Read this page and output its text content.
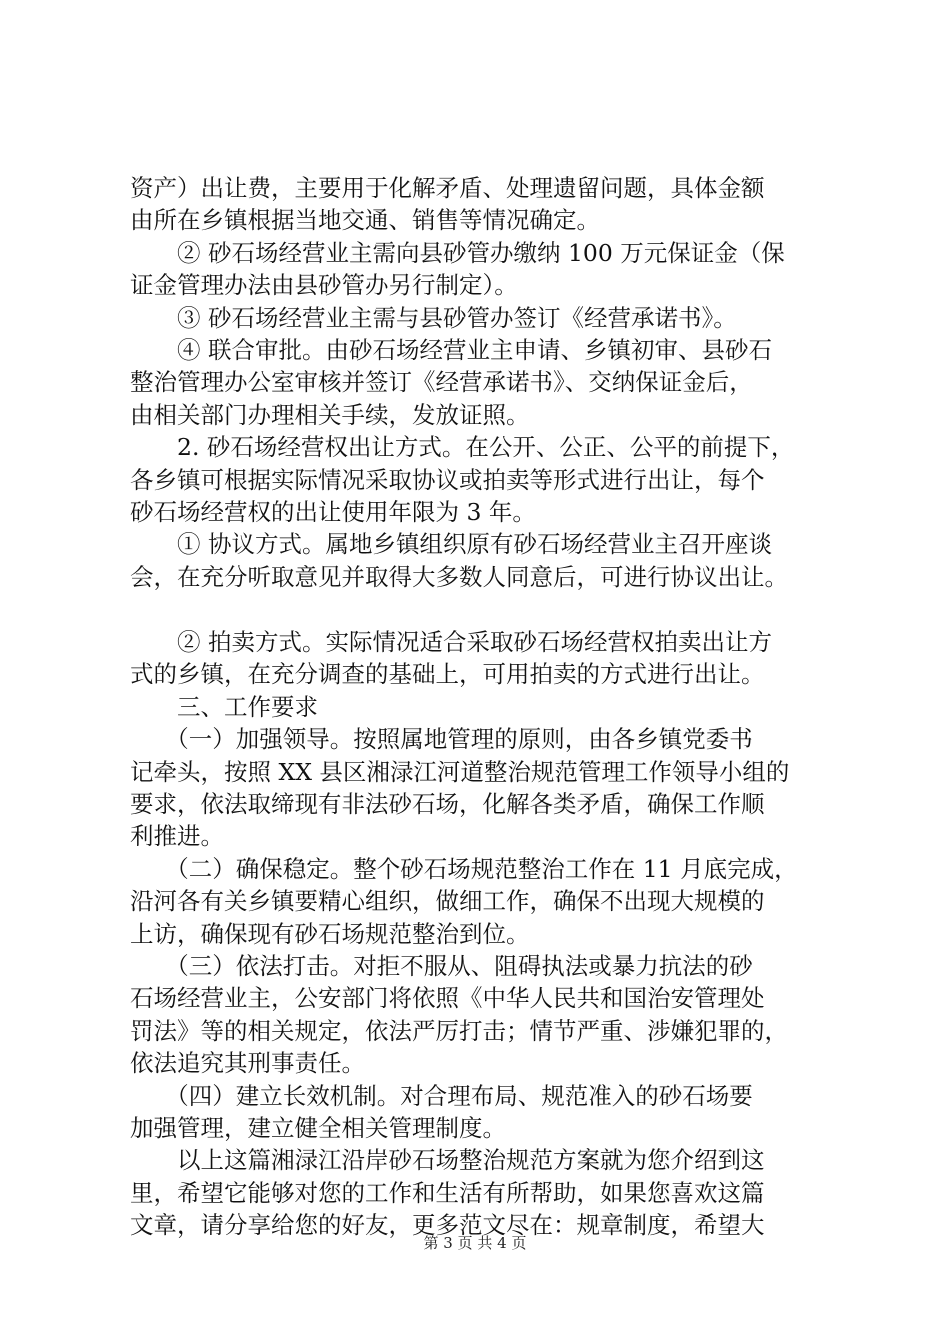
资产）出让费，主要用于化解矛盾、处理遗留问题，具体金额
由所在乡镇根据当地交通、销售等情况确定。
　　② 砂石场经营业主需向县砂管办缴纳 100 万元保证金（保
证金管理办法由县砂管办另行制定）。
　　③ 砂石场经营业主需与县砂管办签订《经营承诺书》。
　　④ 联合审批。由砂石场经营业主申请、乡镇初审、县砂石
整治管理办公室审核并签订《经营承诺书》、交纳保证金后，
由相关部门办理相关手续，发放证照。
　　2. 砂石场经营权出让方式。在公开、公正、公平的前提下，
各乡镇可根据实际情况采取协议或拍卖等形式进行出让，每个
砂石场经营权的出让使用年限为 3 年。
　　① 协议方式。属地乡镇组织原有砂石场经营业主召开座谈
会，在充分听取意见并取得大多数人同意后，可进行协议出让。
　　② 拍卖方式。实际情况适合采取砂石场经营权拍卖出让方
式的乡镇，在充分调查的基础上，可用拍卖的方式进行出让。
　　三、工作要求
　　（一）加强领导。按照属地管理的原则，由各乡镇党委书
记牵头，按照 XX 县区湘渌江河道整治规范管理工作领导小组的
要求，依法取缔现有非法砂石场，化解各类矛盾，确保工作顺
利推进。
　　（二）确保稳定。整个砂石场规范整治工作在 11 月底完成，
沿河各有关乡镇要精心组织，做细工作，确保不出现大规模的
上访，确保现有砂石场规范整治到位。
　　（三）依法打击。对拒不服从、阻碍执法或暴力抗法的砂
石场经营业主，公安部门将依照《中华人民共和国治安管理处
罚法》等的相关规定，依法严厉打击；情节严重、涉嫌犯罪的，
依法追究其刑事责任。
　　（四）建立长效机制。对合理布局、规范准入的砂石场要
加强管理，建立健全相关管理制度。
　　以上这篇湘渌江沿岸砂石场整治规范方案就为您介绍到这
里，希望它能够对您的工作和生活有所帮助，如果您喜欢这篇
文章，请分享给您的好友，更多范文尽在：规章制度，希望大
第 3 页 共 4 页
